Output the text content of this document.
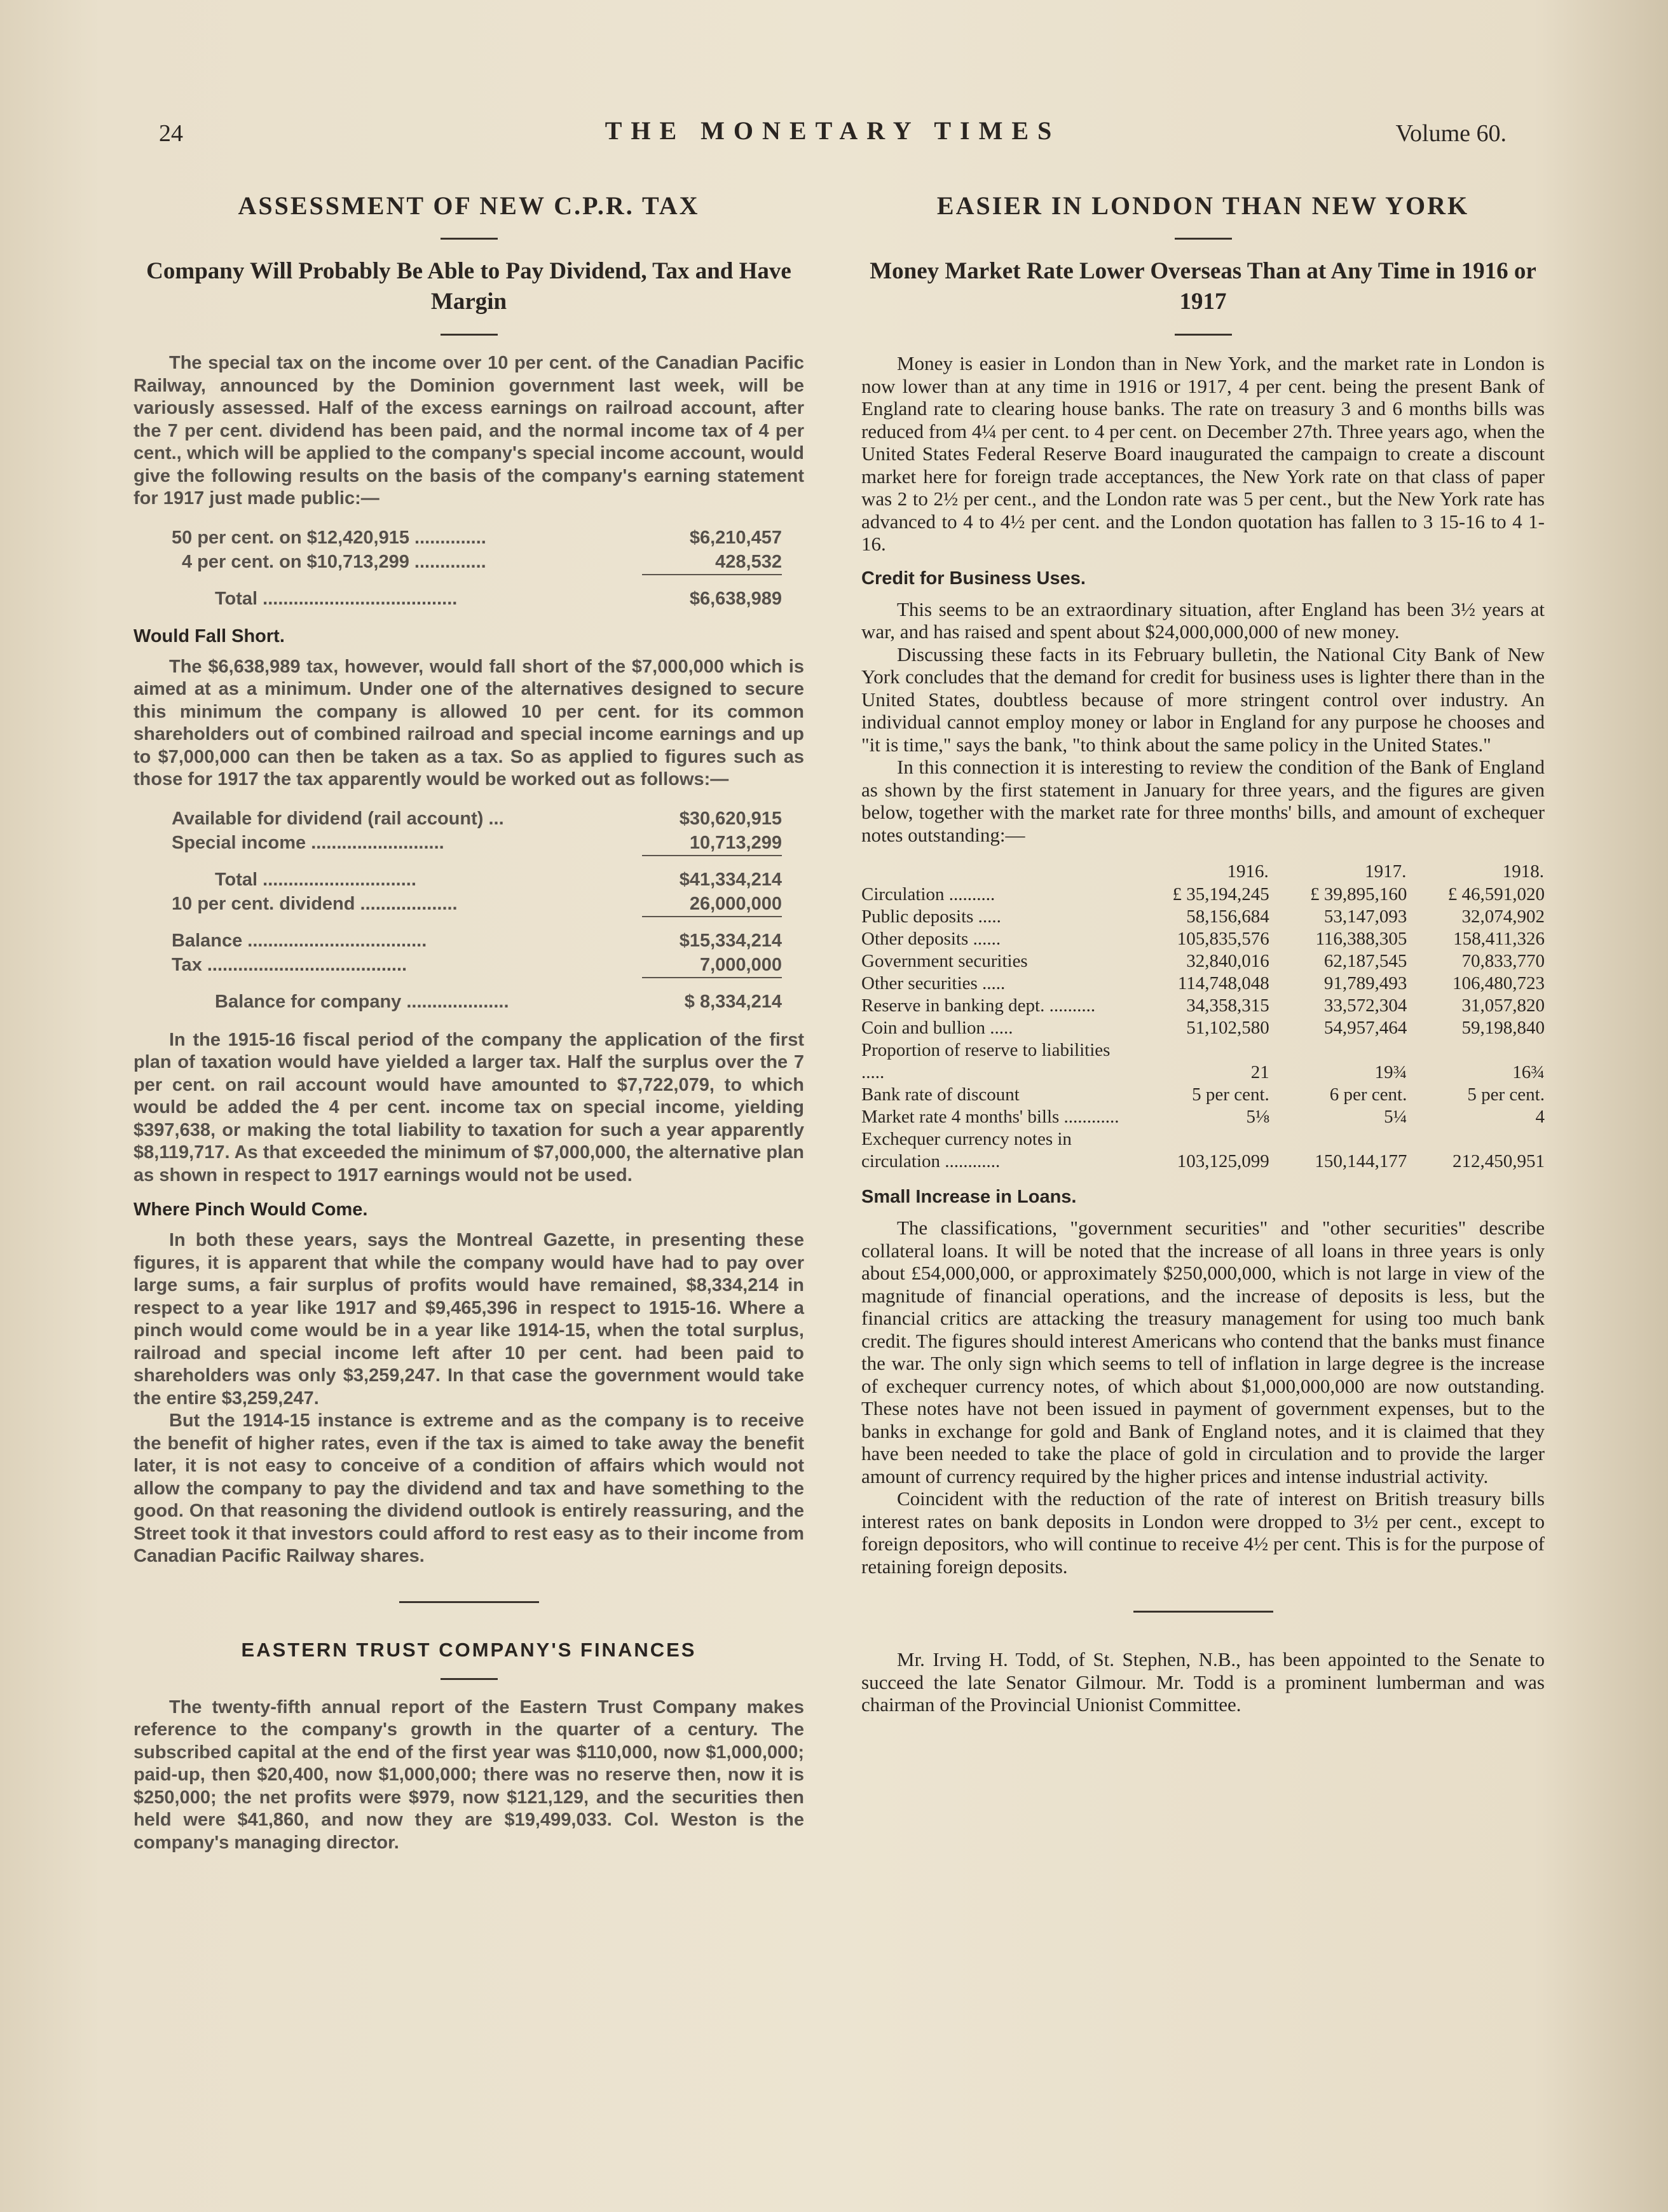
24	THE MONETARY TIMES	Volume 60.
ASSESSMENT OF NEW C.P.R. TAX
Company Will Probably Be Able to Pay Dividend, Tax and Have Margin

The special tax on the income over 10 per cent. of the Canadian Pacific Railway, announced by the Dominion government last week, will be variously assessed. Half of the excess earnings on railroad account, after the 7 per cent. dividend has been paid, and the normal income tax of 4 per cent., which will be applied to the company's special income account, would give the following results on the basis of the company's earning statement for 1917 just made public:—

50 per cent. on $12,420,915 ..............	$6,210,457
4 per cent. on $10,713,299 ..............	428,532
Total ......................................	$6,638,989
Would Fall Short.

The $6,638,989 tax, however, would fall short of the $7,000,000 which is aimed at as a minimum. Under one of the alternatives designed to secure this minimum the company is allowed 10 per cent. for its common shareholders out of combined railroad and special income earnings and up to $7,000,000 can then be taken as a tax. So as applied to figures such as those for 1917 the tax apparently would be worked out as follows:—

Available for dividend (rail account) ...	$30,620,915
Special income ..........................	10,713,299
Total ..............................	$41,334,214
10 per cent. dividend ...................	26,000,000
Balance ...................................	$15,334,214
Tax .......................................	7,000,000
Balance for company ....................	$ 8,334,214

In the 1915-16 fiscal period of the company the application of the first plan of taxation would have yielded a larger tax. Half the surplus over the 7 per cent. on rail account would have amounted to $7,722,079, to which would be added the 4 per cent. income tax on special income, yielding $397,638, or making the total liability to taxation for such a year apparently $8,119,717. As that exceeded the minimum of $7,000,000, the alternative plan as shown in respect to 1917 earnings would not be used.

Where Pinch Would Come.

In both these years, says the Montreal Gazette, in presenting these figures, it is apparent that while the company would have had to pay over large sums, a fair surplus of profits would have remained, $8,334,214 in respect to a year like 1917 and $9,465,396 in respect to 1915-16. Where a pinch would come would be in a year like 1914-15, when the total surplus, railroad and special income left after 10 per cent. had been paid to shareholders was only $3,259,247. In that case the government would take the entire $3,259,247.

But the 1914-15 instance is extreme and as the company is to receive the benefit of higher rates, even if the tax is aimed to take away the benefit later, it is not easy to conceive of a condition of affairs which would not allow the company to pay the dividend and tax and have something to the good. On that reasoning the dividend outlook is entirely reassuring, and the Street took it that investors could afford to rest easy as to their income from Canadian Pacific Railway shares.

EASTERN TRUST COMPANY'S FINANCES

The twenty-fifth annual report of the Eastern Trust Company makes reference to the company's growth in the quarter of a century. The subscribed capital at the end of the first year was $110,000, now $1,000,000; paid-up, then $20,400, now $1,000,000; there was no reserve then, now it is $250,000; the net profits were $979, now $121,129, and the securities then held were $41,860, and now they are $19,499,033. Col. Weston is the company's managing director.

EASIER IN LONDON THAN NEW YORK
Money Market Rate Lower Overseas Than at Any Time in 1916 or 1917

Money is easier in London than in New York, and the market rate in London is now lower than at any time in 1916 or 1917, 4 per cent. being the present Bank of England rate to clearing house banks. The rate on treasury 3 and 6 months bills was reduced from 4¼ per cent. to 4 per cent. on December 27th. Three years ago, when the United States Federal Reserve Board inaugurated the campaign to create a discount market here for foreign trade acceptances, the New York rate on that class of paper was 2 to 2½ per cent., and the London rate was 5 per cent., but the New York rate has advanced to 4 to 4½ per cent. and the London quotation has fallen to 3 15-16 to 4 1-16.

Credit for Business Uses.

This seems to be an extraordinary situation, after England has been 3½ years at war, and has raised and spent about $24,000,000,000 of new money.

Discussing these facts in its February bulletin, the National City Bank of New York concludes that the demand for credit for business uses is lighter there than in the United States, doubtless because of more stringent control over industry. An individual cannot employ money or labor in England for any purpose he chooses and "it is time," says the bank, "to think about the same policy in the United States."

In this connection it is interesting to review the condition of the Bank of England as shown by the first statement in January for three years, and the figures are given below, together with the market rate for three months' bills, and amount of exchequer notes outstanding:—

	1916.	1917.	1918.
Circulation ..........	£ 35,194,245	£ 39,895,160	£ 46,591,020
Public deposits .....	58,156,684	53,147,093	32,074,902
Other deposits ......	105,835,576	116,388,305	158,411,326
Government securities	32,840,016	62,187,545	70,833,770
Other securities .....	114,748,048	91,789,493	106,480,723
Reserve in banking dept. ..........	34,358,315	33,572,304	31,057,820
Coin and bullion .....	51,102,580	54,957,464	59,198,840
Proportion of reserve to liabilities .....	21	19¾	16¾
Bank rate of discount	5 per cent.	6 per cent.	5 per cent.
Market rate 4 months' bills ............	5⅛	5¼	4
Exchequer currency notes in circulation ............	103,125,099	150,144,177	212,450,951
Small Increase in Loans.

The classifications, "government securities" and "other securities" describe collateral loans. It will be noted that the increase of all loans in three years is only about £54,000,000, or approximately $250,000,000, which is not large in view of the magnitude of financial operations, and the increase of deposits is less, but the financial critics are attacking the treasury management for using too much bank credit. The figures should interest Americans who contend that the banks must finance the war. The only sign which seems to tell of inflation in large degree is the increase of exchequer currency notes, of which about $1,000,000,000 are now outstanding. These notes have not been issued in payment of government expenses, but to the banks in exchange for gold and Bank of England notes, and it is claimed that they have been needed to take the place of gold in circulation and to provide the larger amount of currency required by the higher prices and intense industrial activity.

Coincident with the reduction of the rate of interest on British treasury bills interest rates on bank deposits in London were dropped to 3½ per cent., except to foreign depositors, who will continue to receive 4½ per cent. This is for the purpose of retaining foreign deposits.

Mr. Irving H. Todd, of St. Stephen, N.B., has been appointed to the Senate to succeed the late Senator Gilmour. Mr. Todd is a prominent lumberman and was chairman of the Provincial Unionist Committee.
